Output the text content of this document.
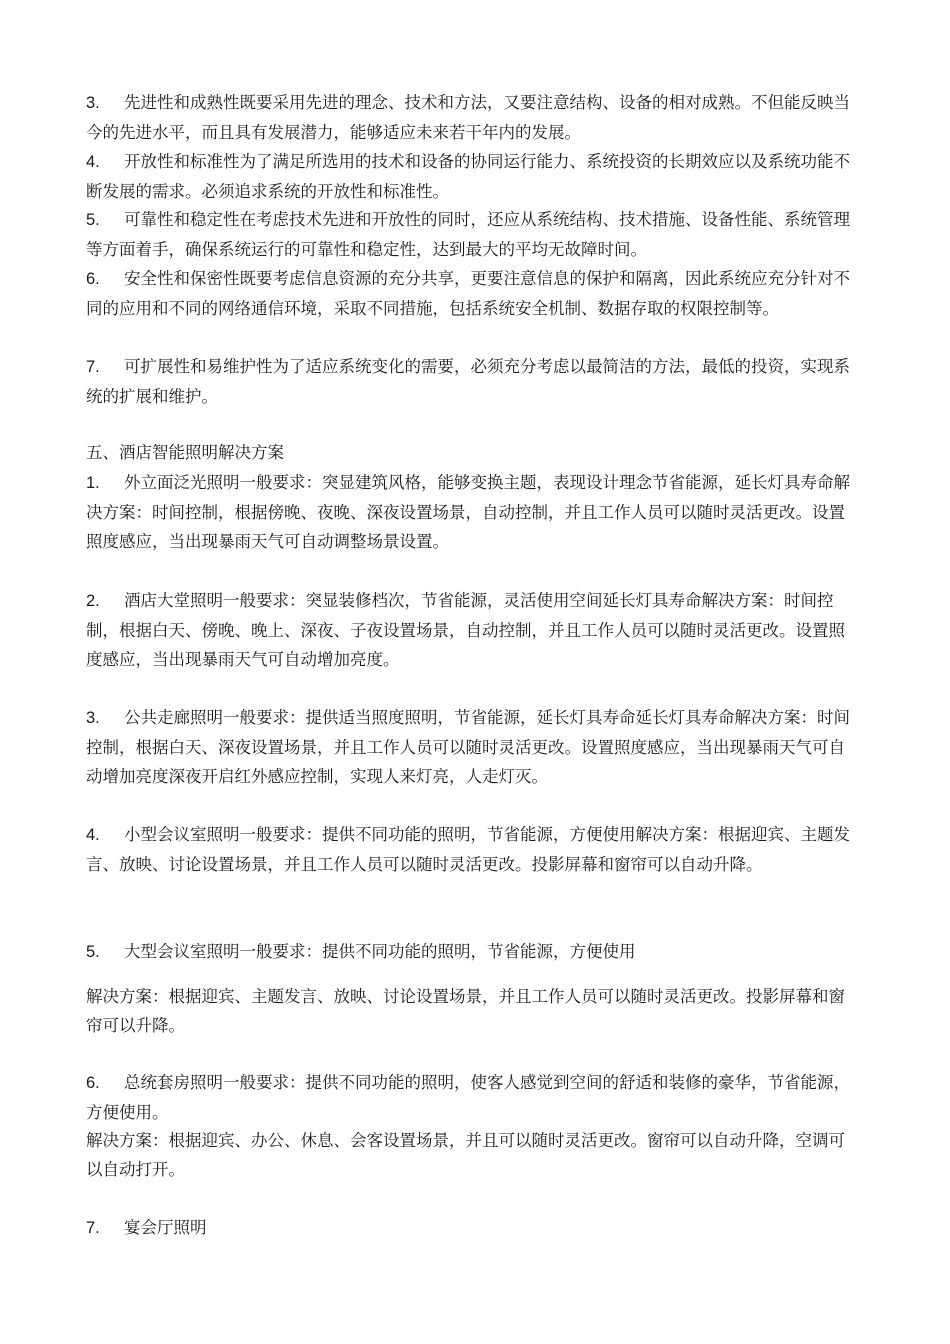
3. 先进性和成熟性既要采用先进的理念、技术和方法，又要注意结构、设备的相对成熟。不但能反映当今的先进水平，而且具有发展潜力，能够适应未来若干年内的发展。

4. 开放性和标准性为了满足所选用的技术和设备的协同运行能力、系统投资的长期效应以及系统功能不断发展的需求。必须追求系统的开放性和标准性。

5. 可靠性和稳定性在考虑技术先进和开放性的同时，还应从系统结构、技术措施、设备性能、系统管理等方面着手，确保系统运行的可靠性和稳定性，达到最大的平均无故障时间。

6. 安全性和保密性既要考虑信息资源的充分共享，更要注意信息的保护和隔离，因此系统应充分针对不同的应用和不同的网络通信环境，采取不同措施，包括系统安全机制、数据存取的权限控制等。

7. 可扩展性和易维护性为了适应系统变化的需要，必须充分考虑以最简洁的方法，最低的投资，实现系统的扩展和维护。

五、酒店智能照明解决方案

1. 外立面泛光照明一般要求：突显建筑风格，能够变换主题，表现设计理念节省能源，延长灯具寿命解决方案：时间控制，根据傍晚、夜晚、深夜设置场景，自动控制，并且工作人员可以随时灵活更改。设置照度感应，当出现暴雨天气可自动调整场景设置。

2. 酒店大堂照明一般要求：突显装修档次，节省能源，灵活使用空间延长灯具寿命解决方案：时间控制，根据白天、傍晚、晚上、深夜、子夜设置场景，自动控制，并且工作人员可以随时灵活更改。设置照度感应，当出现暴雨天气可自动增加亮度。

3. 公共走廊照明一般要求：提供适当照度照明，节省能源，延长灯具寿命延长灯具寿命解决方案：时间控制，根据白天、深夜设置场景，并且工作人员可以随时灵活更改。设置照度感应，当出现暴雨天气可自动增加亮度深夜开启红外感应控制，实现人来灯亮，人走灯灭。

4. 小型会议室照明一般要求：提供不同功能的照明，节省能源，方便使用解决方案：根据迎宾、主题发言、放映、讨论设置场景，并且工作人员可以随时灵活更改。投影屏幕和窗帘可以自动升降。

5. 大型会议室照明一般要求：提供不同功能的照明，节省能源，方便使用

解决方案：根据迎宾、主题发言、放映、讨论设置场景，并且工作人员可以随时灵活更改。投影屏幕和窗帘可以升降。

6. 总统套房照明一般要求：提供不同功能的照明，使客人感觉到空间的舒适和装修的豪华，节省能源，方便使用。

解决方案：根据迎宾、办公、休息、会客设置场景，并且可以随时灵活更改。窗帘可以自动升降，空调可以自动打开。

7. 宴会厅照明
